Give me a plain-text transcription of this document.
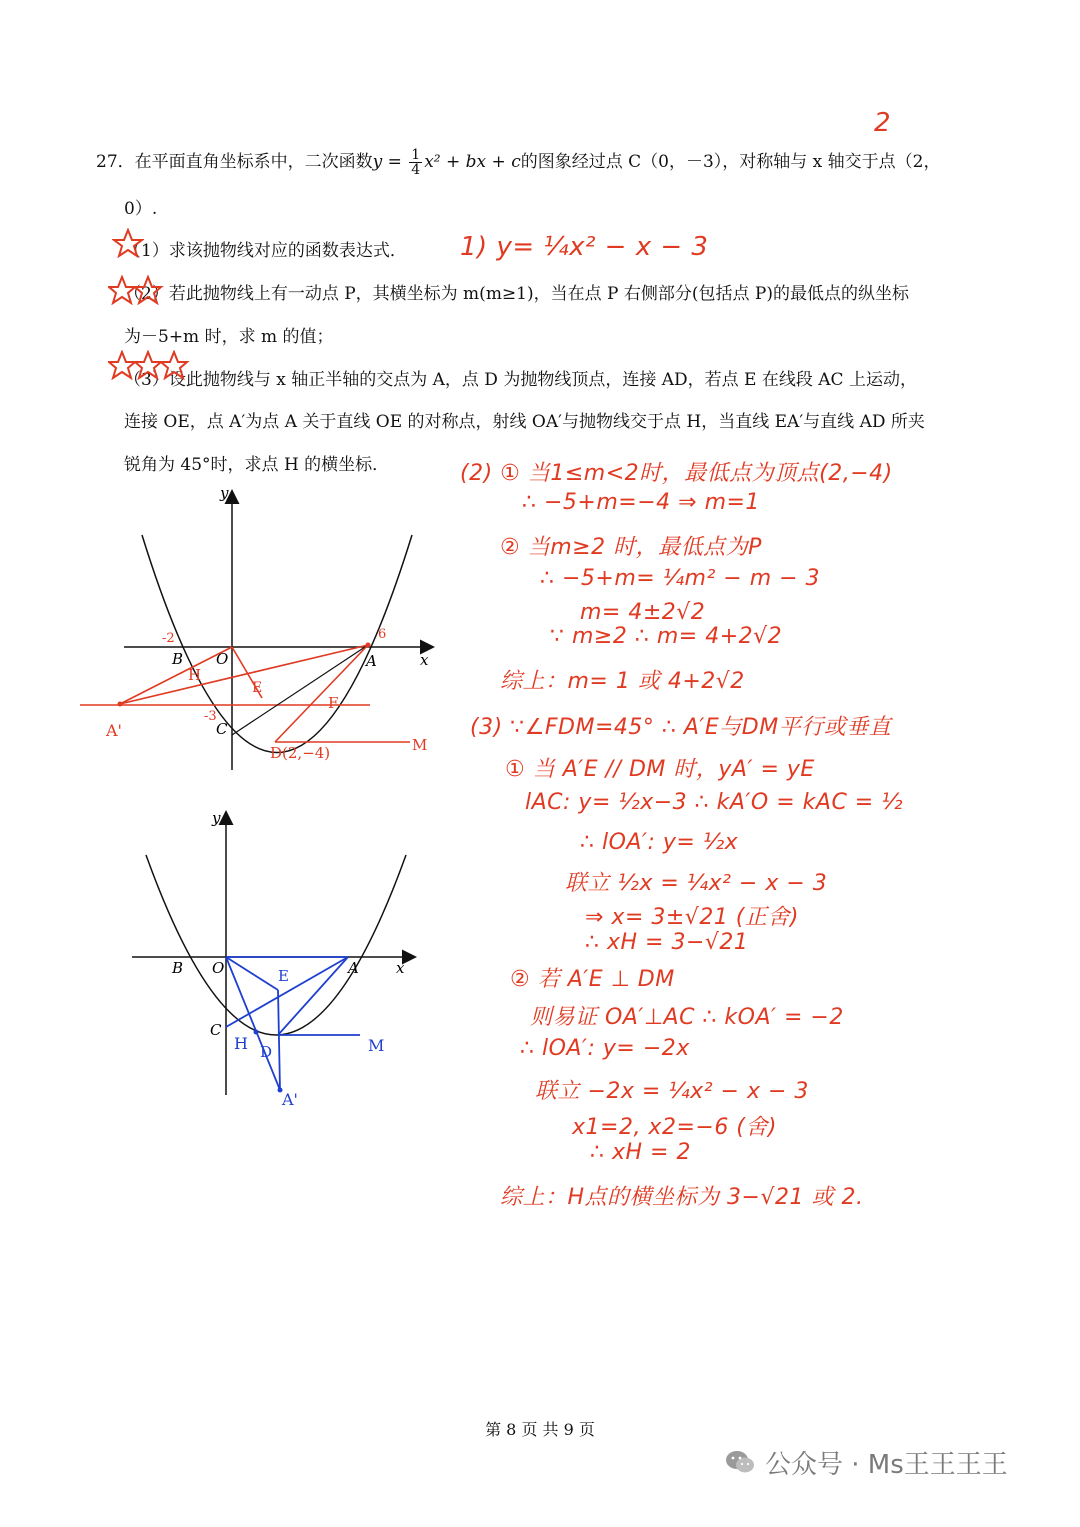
27．在平面直角坐标系中，二次函数$y = \frac{1}{4} x^2$ + bx + c的图象经过点 C（0，－3），对称轴与 x 轴交于点（2，
0）.
（1）求该抛物线对应的函数表达式．
（2）若此抛物线上有一动点 P，其横坐标为 m(m≥1)，当在点 P 右侧部分(包括点 P)的最低点的纵坐标
为－5+m 时，求 m 的值；
（3）设此抛物线与 x 轴正半轴的交点为 A，点 D 为抛物线顶点，连接 AD，若点 E 在线段 AC 上运动，
连接 OE，点 A′为点 A 关于直线 OE 的对称点，射线 OA′与抛物线交于点 H，当直线 EA′与直线 AD 所夹
锐角为 45°时，求点 H 的横坐标．
2
1) y= ¼x² − x − 3
(2) ① 当1≤m<2时，最低点为顶点(2,−4)
∴ −5+m=−4 ⇒ m=1
② 当m≥2 时，最低点为P
∴ −5+m= ¼m² − m − 3
m= 4±2√2
∵ m≥2 ∴ m= 4+2√2
综上：m= 1 或 4+2√2
(3) ∵∠FDM=45° ∴ A′E与DM平行或垂直
① 当 A′E // DM 时，yA′ = yE
lAC: y= ½x−3 ∴ kA′O = kAC = ½
∴ lOA′: y= ½x
联立 ½x = ¼x² − x − 3
⇒ x= 3±√21 (正舍)
∴ xH = 3−√21
② 若 A′E ⊥ DM
则易证 OA′⊥AC ∴ kOA′ = −2
∴ lOA′: y= −2x
联立 −2x = ¼x² − x − 3
x1=2, x2=−6 (舍)
∴ xH = 2
综上：H点的横坐标为 3−√21 或 2.
y
x
B O	A
C
H
E
F
A'
D(2,−4)	M
-2	6
-3
y
x
B O	A
C
H D
E
M
A'
第 8 页 共 9 页
公众号 · Ms王王王王
